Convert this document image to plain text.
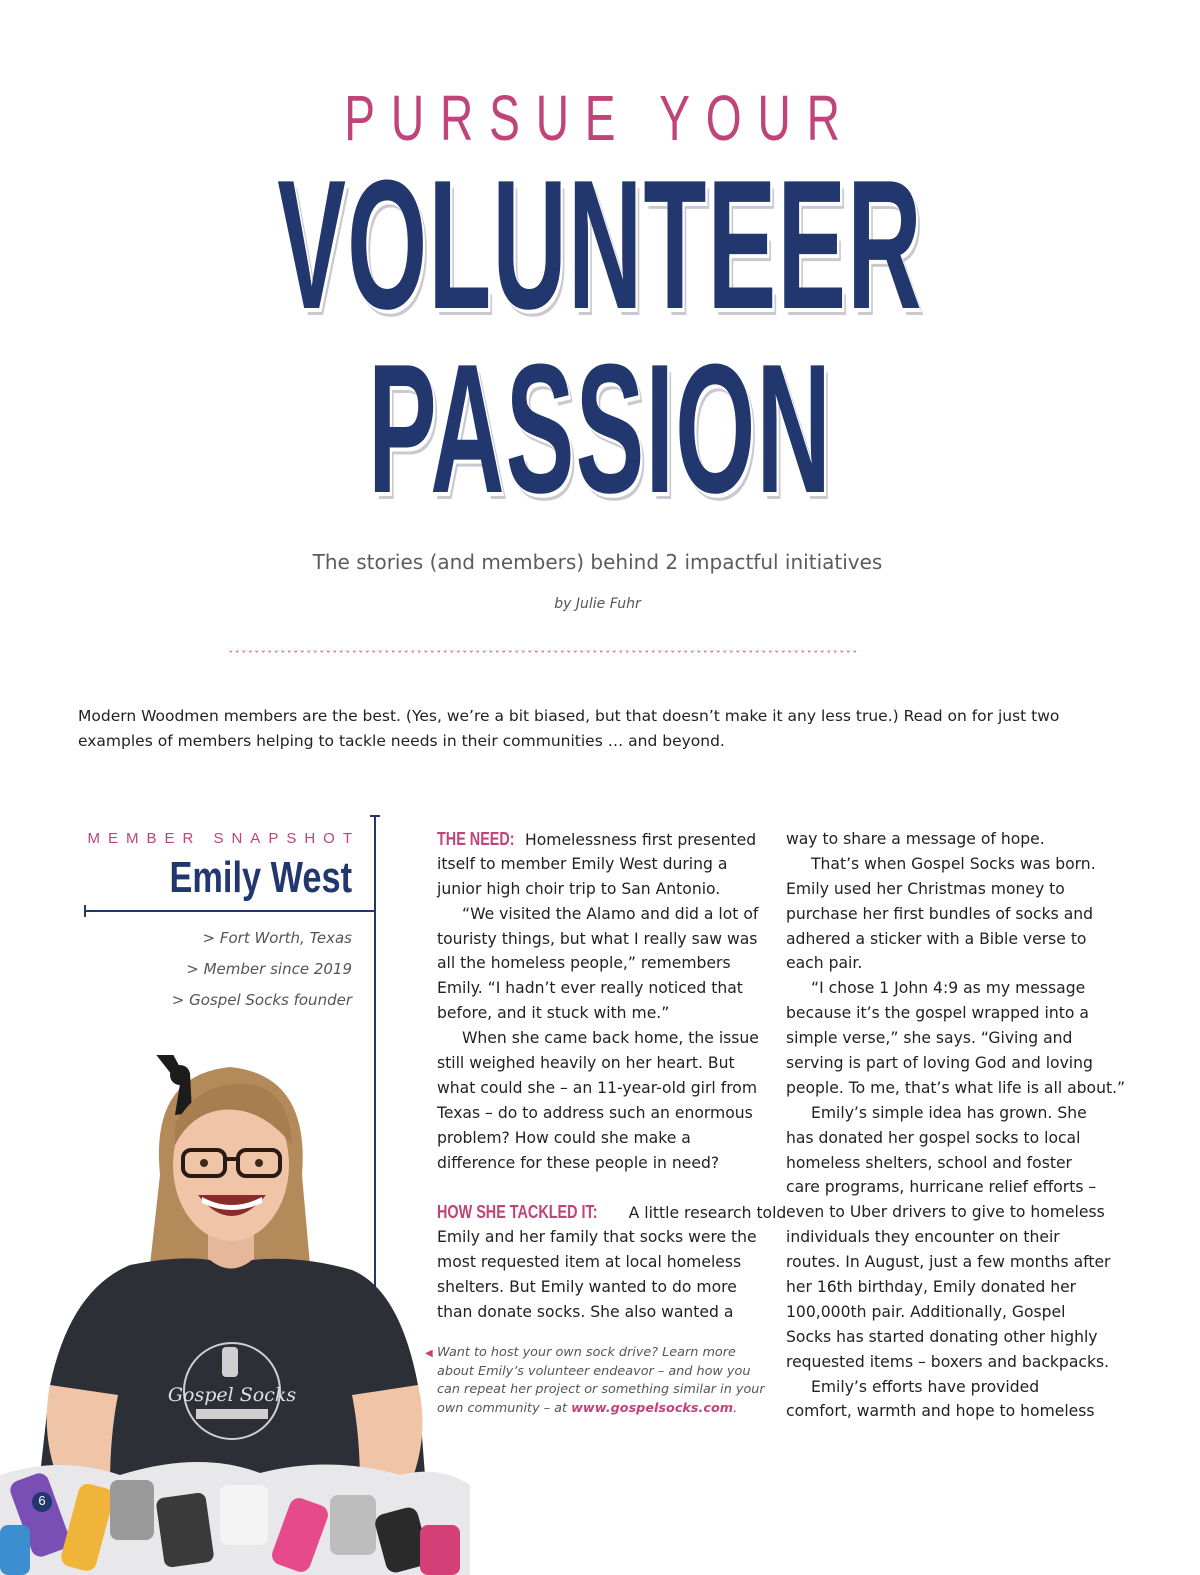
PURSUE YOUR
VOLUNTEER
PASSION
The stories (and members) behind 2 impactful initiatives
by Julie Fuhr
ˇˇˇˇˇˇˇˇˇˇˇˇˇˇˇˇˇˇˇˇˇˇˇˇˇˇˇˇˇˇˇˇˇˇˇˇˇˇˇˇˇˇˇˇˇˇˇˇˇˇˇˇˇˇˇˇˇˇˇˇˇˇˇˇˇˇˇˇˇˇˇˇˇˇˇˇˇˇˇˇˇˇˇˇˇˇˇˇˇˇˇˇˇˇˇˇˇ
Modern Woodmen members are the best. (Yes, we’re a bit biased, but that doesn’t make it any less true.) Read on for just two
examples of members helping to tackle needs in their communities … and beyond.
MEMBER SNAPSHOT
Emily West
> Fort Worth, Texas
> Member since 2019
> Gospel Socks founder
Gospel Socks
6
THE NEED: Homelessness first presented
itself to member Emily West during a
junior high choir trip to San Antonio.
“We visited the Alamo and did a lot of
touristy things, but what I really saw was
all the homeless people,” remembers
Emily. “I hadn’t ever really noticed that
before, and it stuck with me.”
When she came back home, the issue
still weighed heavily on her heart. But
what could she – an 11-year-old girl from
Texas – do to address such an enormous
problem? How could she make a
difference for these people in need?
HOW SHE TACKLED IT: A little research told
Emily and her family that socks were the
most requested item at local homeless
shelters. But Emily wanted to do more
than donate socks. She also wanted a
◀ Want to host your own sock drive? Learn more
about Emily’s volunteer endeavor – and how you
can repeat her project or something similar in your
own community – at www.gospelsocks.com.
way to share a message of hope.
That’s when Gospel Socks was born.
Emily used her Christmas money to
purchase her first bundles of socks and
adhered a sticker with a Bible verse to
each pair.
“I chose 1 John 4:9 as my message
because it’s the gospel wrapped into a
simple verse,” she says. “Giving and
serving is part of loving God and loving
people. To me, that’s what life is all about.”
Emily’s simple idea has grown. She
has donated her gospel socks to local
homeless shelters, school and foster
care programs, hurricane relief efforts –
even to Uber drivers to give to homeless
individuals they encounter on their
routes. In August, just a few months after
her 16th birthday, Emily donated her
100,000th pair. Additionally, Gospel
Socks has started donating other highly
requested items – boxers and backpacks.
Emily’s efforts have provided
comfort, warmth and hope to homeless
